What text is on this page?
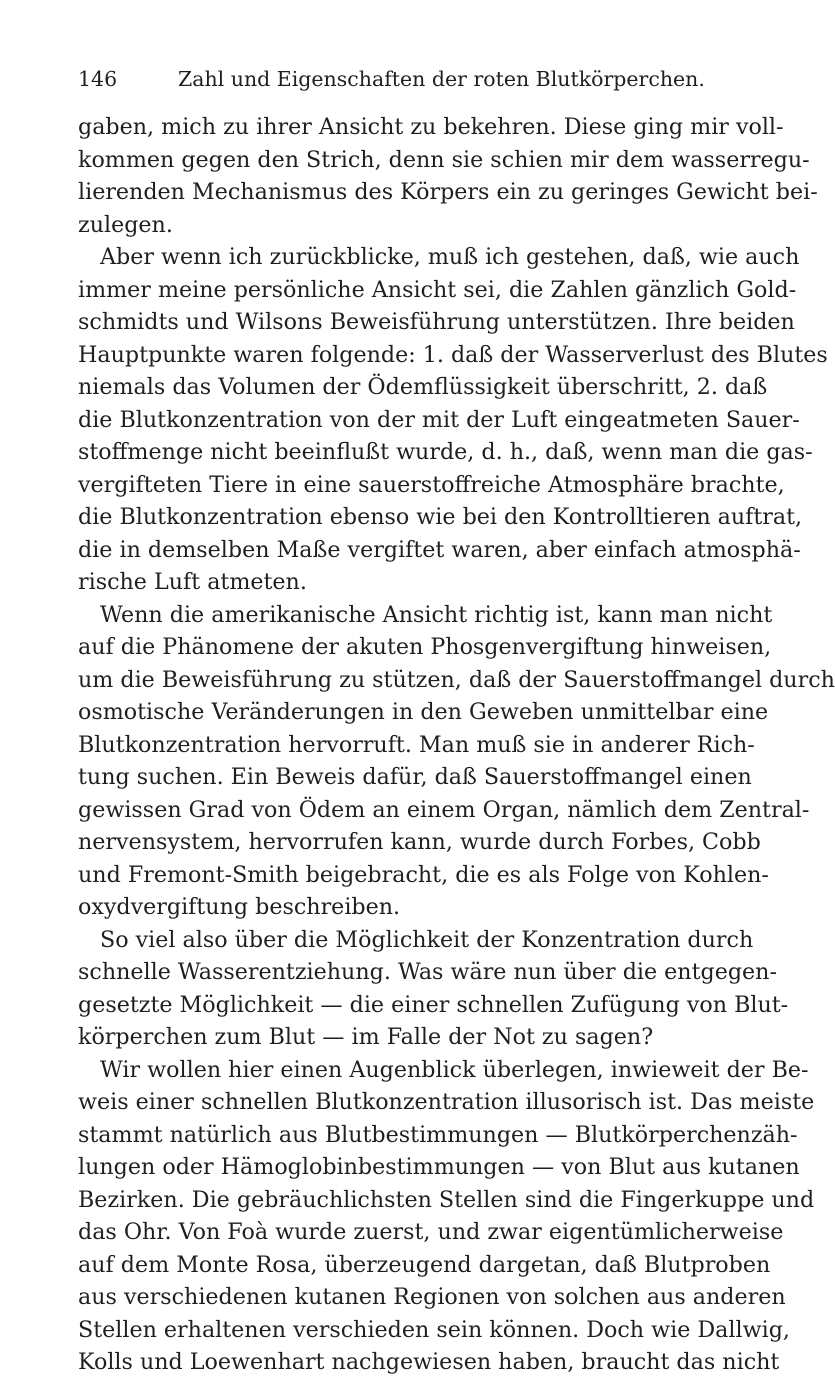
146	Zahl und Eigenschaften der roten Blutkörperchen.
gaben, mich zu ihrer Ansicht zu bekehren. Diese ging mir voll-
kommen gegen den Strich, denn sie schien mir dem wasserregu-
lierenden Mechanismus des Körpers ein zu geringes Gewicht bei-
zulegen.
Aber wenn ich zurückblicke, muß ich gestehen, daß, wie auch
immer meine persönliche Ansicht sei, die Zahlen gänzlich Gold-
schmidts und Wilsons Beweisführung unterstützen. Ihre beiden
Hauptpunkte waren folgende: 1. daß der Wasserverlust des Blutes
niemals das Volumen der Ödemflüssigkeit überschritt, 2. daß
die Blutkonzentration von der mit der Luft eingeatmeten Sauer-
stoffmenge nicht beeinflußt wurde, d. h., daß, wenn man die gas-
vergifteten Tiere in eine sauerstoffreiche Atmosphäre brachte,
die Blutkonzentration ebenso wie bei den Kontrolltieren auftrat,
die in demselben Maße vergiftet waren, aber einfach atmosphä-
rische Luft atmeten.
Wenn die amerikanische Ansicht richtig ist, kann man nicht
auf die Phänomene der akuten Phosgenvergiftung hinweisen,
um die Beweisführung zu stützen, daß der Sauerstoffmangel durch
osmotische Veränderungen in den Geweben unmittelbar eine
Blutkonzentration hervorruft. Man muß sie in anderer Rich-
tung suchen. Ein Beweis dafür, daß Sauerstoffmangel einen
gewissen Grad von Ödem an einem Organ, nämlich dem Zentral-
nervensystem, hervorrufen kann, wurde durch Forbes, Cobb
und Fremont-Smith beigebracht, die es als Folge von Kohlen-
oxydvergiftung beschreiben.
So viel also über die Möglichkeit der Konzentration durch
schnelle Wasserentziehung. Was wäre nun über die entgegen-
gesetzte Möglichkeit — die einer schnellen Zufügung von Blut-
körperchen zum Blut — im Falle der Not zu sagen?
Wir wollen hier einen Augenblick überlegen, inwieweit der Be-
weis einer schnellen Blutkonzentration illusorisch ist. Das meiste
stammt natürlich aus Blutbestimmungen — Blutkörperchenzäh-
lungen oder Hämoglobinbestimmungen — von Blut aus kutanen
Bezirken. Die gebräuchlichsten Stellen sind die Fingerkuppe und
das Ohr. Von Foà wurde zuerst, und zwar eigentümlicherweise
auf dem Monte Rosa, überzeugend dargetan, daß Blutproben
aus verschiedenen kutanen Regionen von solchen aus anderen
Stellen erhaltenen verschieden sein können. Doch wie Dallwig,
Kolls und Loewenhart nachgewiesen haben, braucht das nicht
